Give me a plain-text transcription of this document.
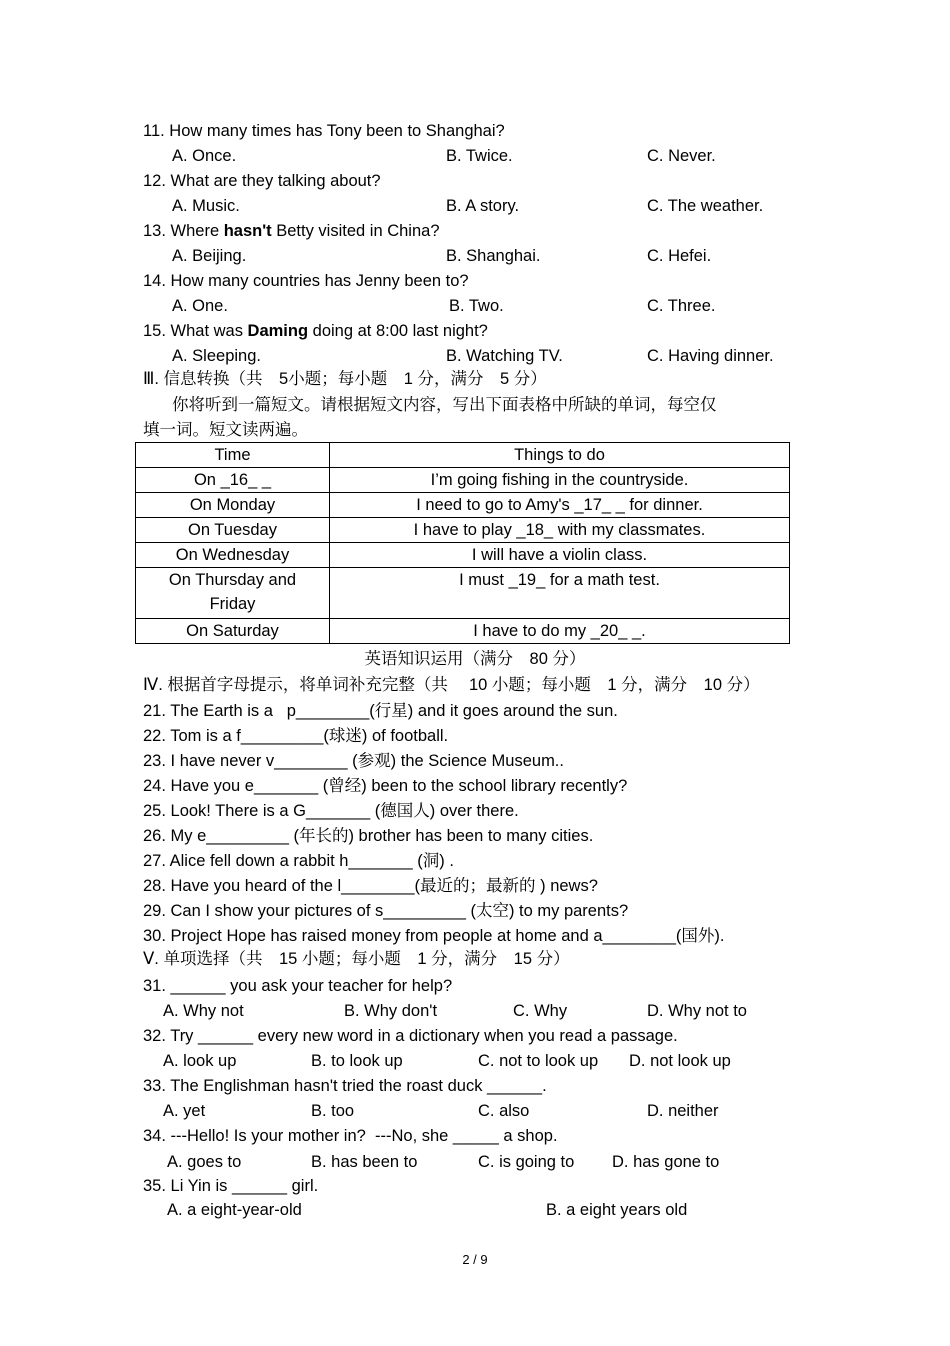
11. How many times has Tony been to Shanghai?
A. Once.	B. Twice.	C. Never.
12. What are they talking about?
A. Music.	B. A story.	C. The weather.
13. Where hasn't Betty visited in China?
A. Beijing.	B. Shanghai.	C. Hefei.
14. How many countries has Jenny been to?
A. One.	B. Two.	C. Three.
15. What was Daming doing at 8:00 last night?
A. Sleeping.	B. Watching TV.	C. Having dinner.
Ⅲ. 信息转换（共　5小题；每小题　1 分，满分　5 分）
你将听到一篇短文。请根据短文内容，写出下面表格中所缺的单词，每空仅
填一词。短文读两遍。
Time	Things to do
On _16_ _	I’m going fishing in the countryside.
On Monday	I need to go to Amy's _17_ _ for dinner.
On Tuesday	I have to play _18_ with my classmates.
On Wednesday	I will have a violin class.

On Thursday and
Friday	I must _19_ for a math test.
On Saturday	I have to do my _20_ _.
英语知识运用（满分　80 分）
Ⅳ. 根据首字母提示，将单词补充完整（共　 10 小题；每小题　1 分，满分　10 分）
21. The Earth is a   p________(行星) and it goes around the sun.
22. Tom is a f_________(球迷) of football.
23. I have never v________ (参观) the Science Museum..
24. Have you e_______ (曾经) been to the school library recently?
25. Look! There is a G_______ (德国人) over there.
26. My e_________ (年长的) brother has been to many cities.
27. Alice fell down a rabbit h_______ (洞) .
28. Have you heard of the l________(最近的；最新的 ) news?
29. Can I show your pictures of s_________ (太空) to my parents?
30. Project Hope has raised money from people at home and a________(国外).
Ⅴ. 单项选择（共　15 小题；每小题　1 分，满分　15 分）
31. ______ you ask your teacher for help?
A. Why not	B. Why don't	C. Why	D. Why not to
32. Try ______ every new word in a dictionary when you read a passage.
A. look up	B. to look up	C. not to look up D. not look up
33. The Englishman hasn't tried the roast duck ______.
A. yet	B. too	C. also	D. neither
34. ---Hello! Is your mother in?  ---No, she _____ a shop.
A. goes to	B. has been to	C. is going to D. has gone to
35. Li Yin is ______ girl.
A. a eight-year-old	B. a eight years old
2 / 9
